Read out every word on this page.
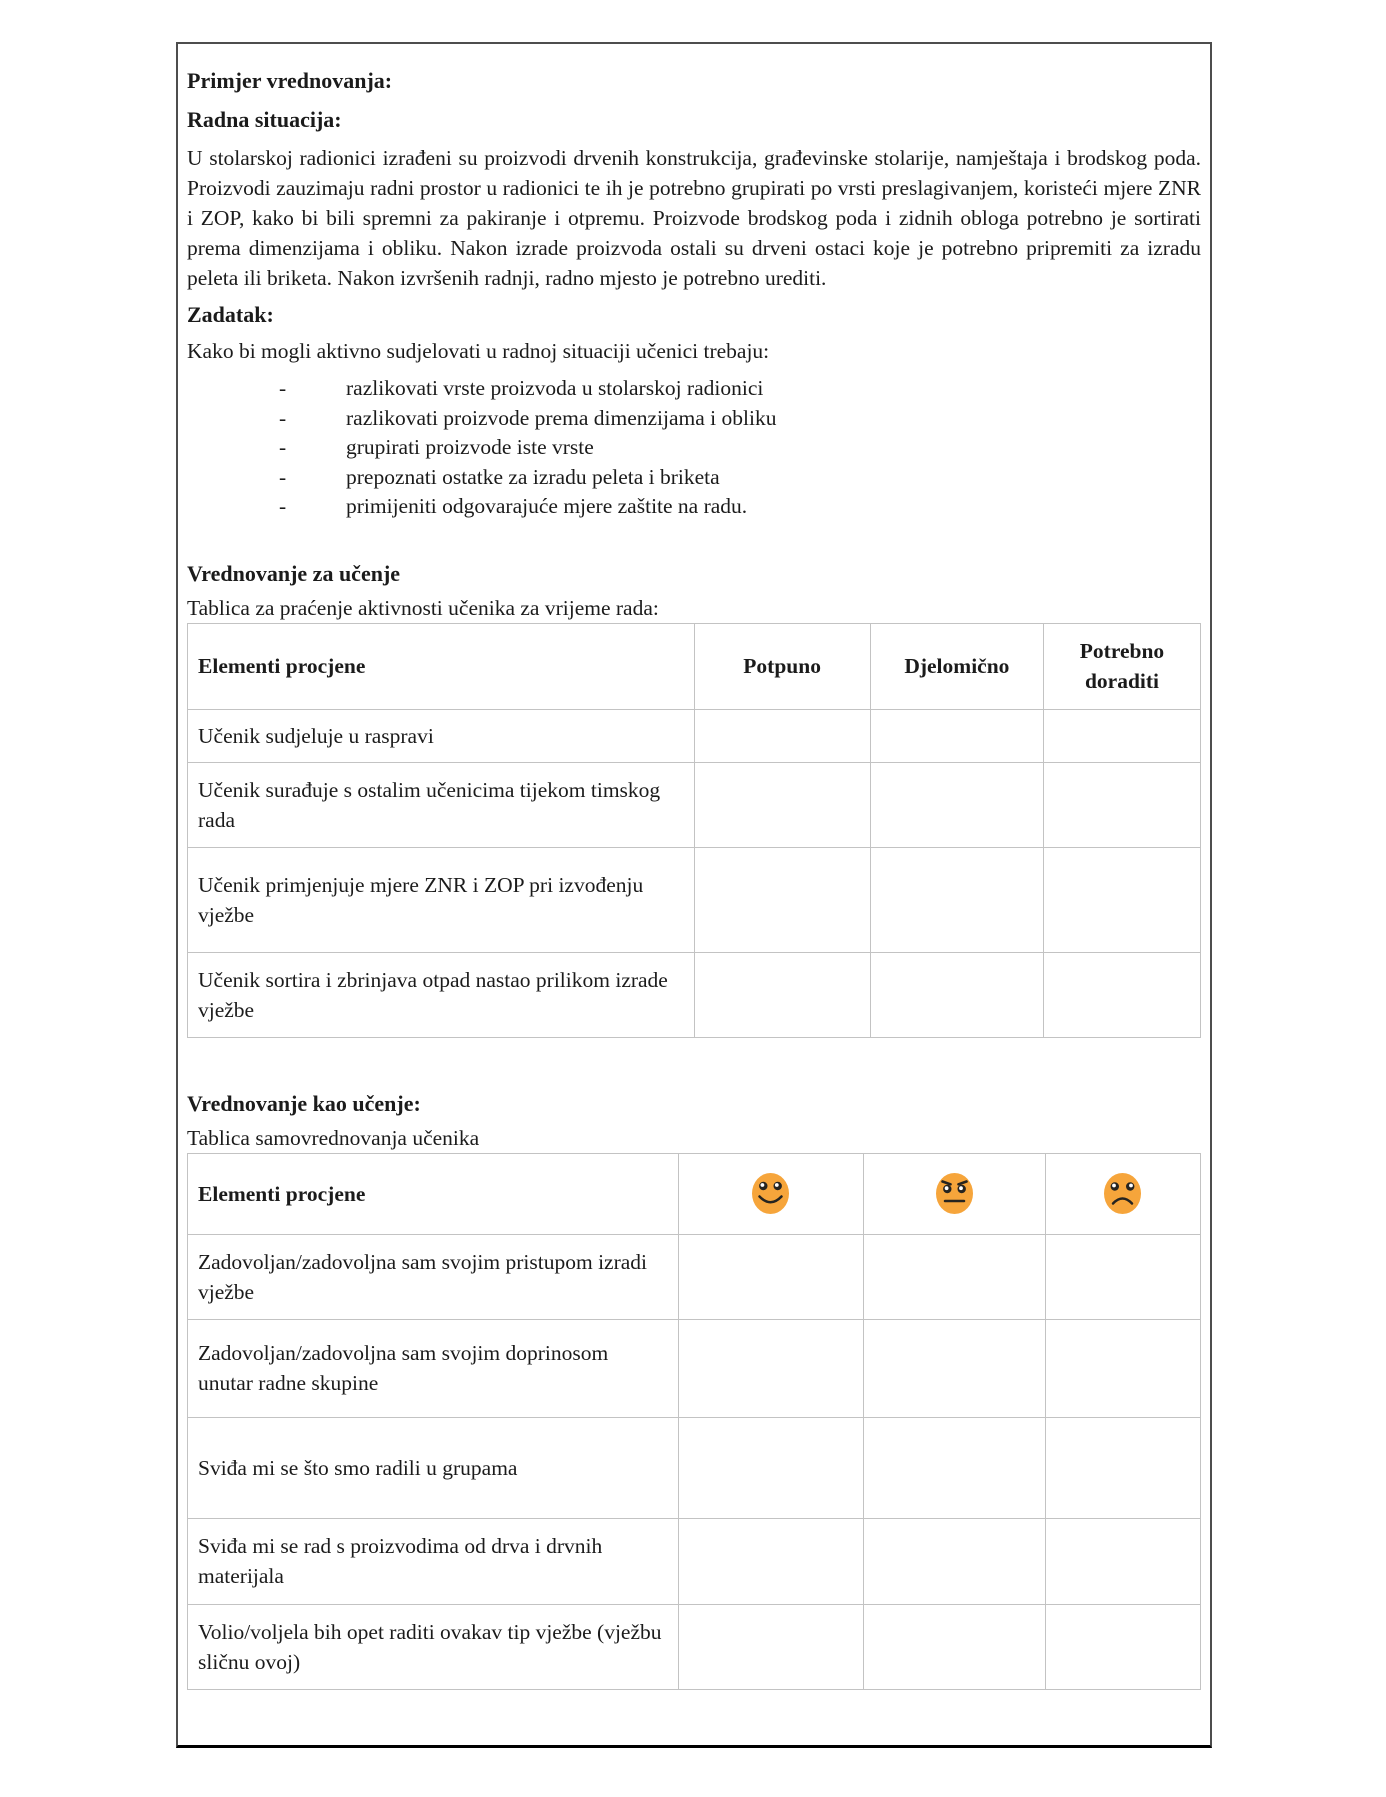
Primjer vrednovanja:
Radna situacija:

U stolarskoj radionici izrađeni su proizvodi drvenih konstrukcija, građevinske stolarije, namještaja i brodskog poda. Proizvodi zauzimaju radni prostor u radionici te ih je potrebno grupirati po vrsti preslagivanjem, koristeći mjere ZNR i ZOP, kako bi bili spremni za pakiranje i otpremu. Proizvode brodskog poda i zidnih obloga potrebno je sortirati prema dimenzijama i obliku. Nakon izrade proizvoda ostali su drveni ostaci koje je potrebno pripremiti za izradu peleta ili briketa. Nakon izvršenih radnji, radno mjesto je potrebno urediti.

Zadatak:

Kako bi mogli aktivno sudjelovati u radnoj situaciji učenici trebaju:

-	razlikovati vrste proizvoda u stolarskoj radionici
-	razlikovati proizvode prema dimenzijama i obliku
-	grupirati proizvode iste vrste
-	prepoznati ostatke za izradu peleta i briketa
-	primijeniti odgovarajuće mjere zaštite na radu.
Vrednovanje za učenje

Tablica za praćenje aktivnosti učenika za vrijeme rada:

Elementi procjene	Potpuno	Djelomično	Potrebno doraditi
Učenik sudjeluje u raspravi			
Učenik surađuje s ostalim učenicima tijekom timskog rada			
Učenik primjenjuje mjere ZNR i ZOP pri izvođenju vježbe			
Učenik sortira i zbrinjava otpad nastao prilikom izrade vježbe			
Vrednovanje kao učenje:

Tablica samovrednovanja učenika

Elementi procjene			
Zadovoljan/zadovoljna sam svojim pristupom izradi vježbe			
Zadovoljan/zadovoljna sam svojim doprinosom unutar radne skupine			
Sviđa mi se što smo radili u grupama			
Sviđa mi se rad s proizvodima od drva i drvnih materijala			
Volio/voljela bih opet raditi ovakav tip vježbe (vježbu sličnu ovoj)			
